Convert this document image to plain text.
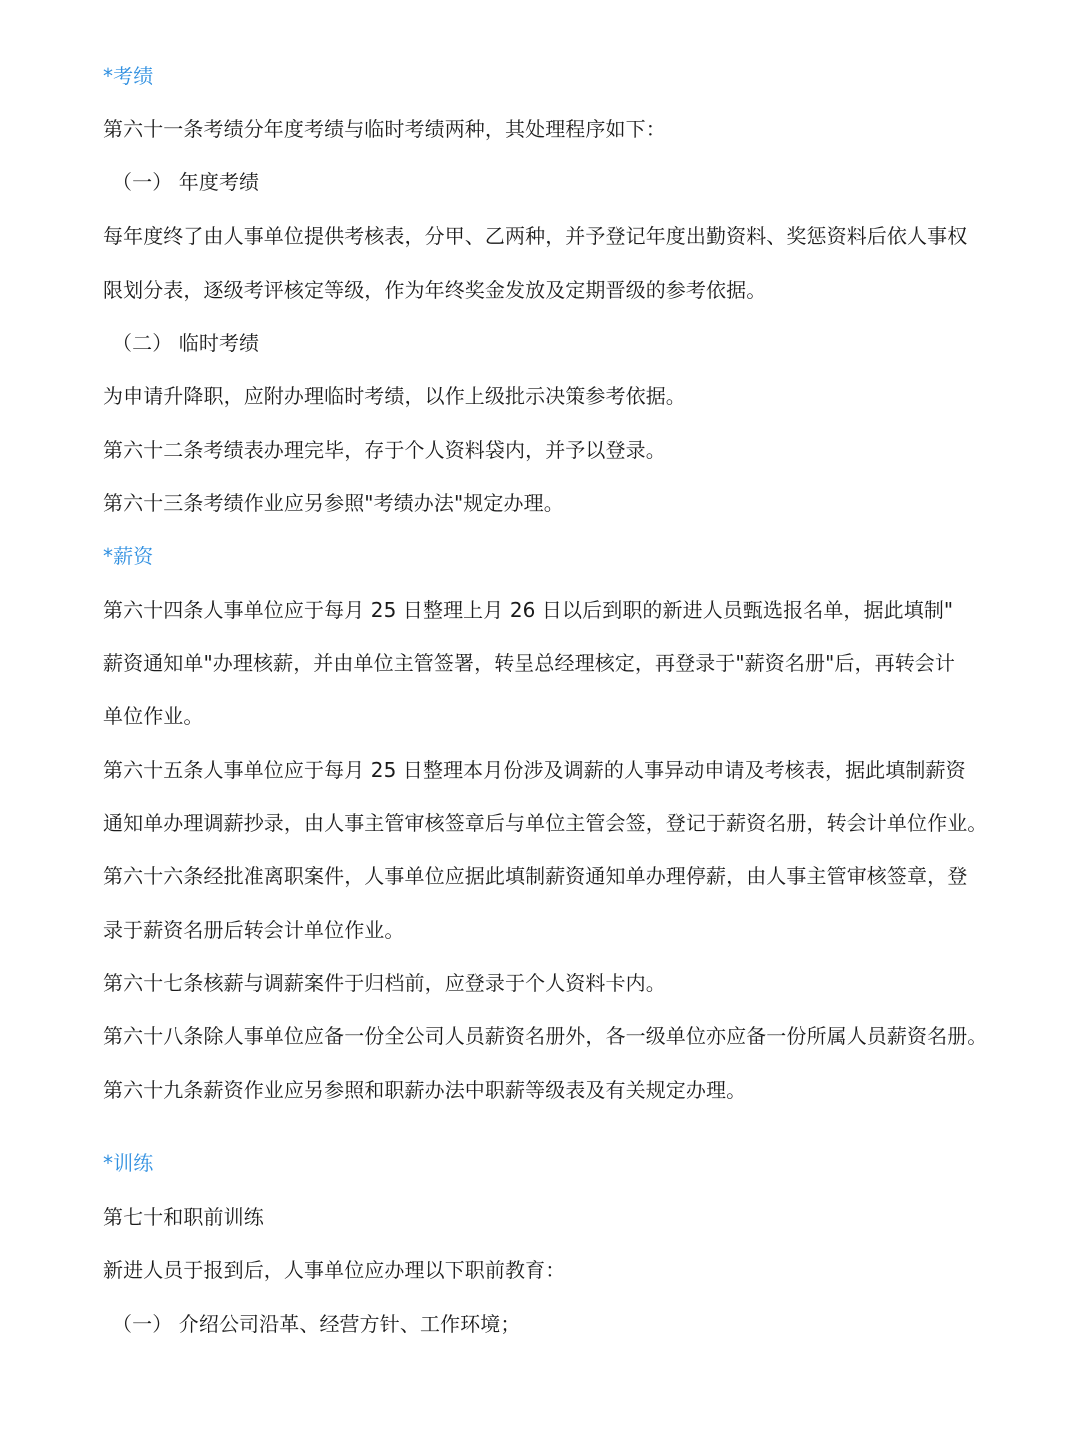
*考绩
第六十一条考绩分年度考绩与临时考绩两种，其处理程序如下：
（一） 年度考绩
每年度终了由人事单位提供考核表，分甲、乙两种，并予登记年度出勤资料、奖惩资料后依人事权
限划分表，逐级考评核定等级，作为年终奖金发放及定期晋级的参考依据。
（二） 临时考绩
为申请升降职，应附办理临时考绩，以作上级批示决策参考依据。
第六十二条考绩表办理完毕，存于个人资料袋内，并予以登录。
第六十三条考绩作业应另参照"考绩办法"规定办理。
*薪资
第六十四条人事单位应于每月 25 日整理上月 26 日以后到职的新进人员甄选报名单，据此填制"
薪资通知单"办理核薪，并由单位主管签署，转呈总经理核定，再登录于"薪资名册"后，再转会计
单位作业。
第六十五条人事单位应于每月 25 日整理本月份涉及调薪的人事异动申请及考核表，据此填制薪资
通知单办理调薪抄录，由人事主管审核签章后与单位主管会签，登记于薪资名册，转会计单位作业。
第六十六条经批准离职案件，人事单位应据此填制薪资通知单办理停薪，由人事主管审核签章，登
录于薪资名册后转会计单位作业。
第六十七条核薪与调薪案件于归档前，应登录于个人资料卡内。
第六十八条除人事单位应备一份全公司人员薪资名册外，各一级单位亦应备一份所属人员薪资名册。
第六十九条薪资作业应另参照和职薪办法中职薪等级表及有关规定办理。
*训练
第七十和职前训练
新进人员于报到后，人事单位应办理以下职前教育：
（一） 介绍公司沿革、经营方针、工作环境；
